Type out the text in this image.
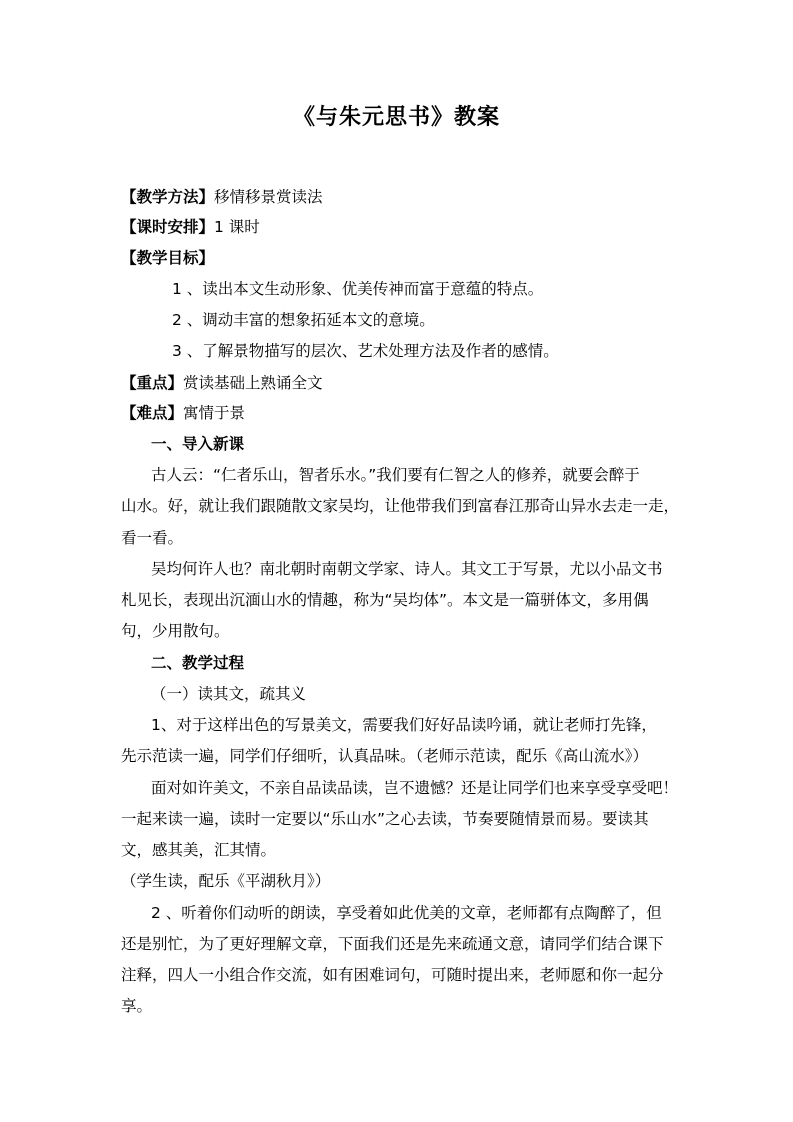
《与朱元思书》教案
【教学方法】移情移景赏读法
【课时安排】1 课时
【教学目标】
1 、读出本文生动形象、优美传神而富于意蕴的特点。
2 、调动丰富的想象拓延本文的意境。
3 、了解景物描写的层次、艺术处理方法及作者的感情。
【重点】赏读基础上熟诵全文
【难点】寓情于景
一、导入新课
古人云：“仁者乐山，智者乐水。”我们要有仁智之人的修养，就要会醉于
山水。好，就让我们跟随散文家吴均，让他带我们到富春江那奇山异水去走一走，
看一看。
吴均何许人也？南北朝时南朝文学家、诗人。其文工于写景，尤以小品文书
札见长，表现出沉湎山水的情趣，称为“吴均体”。本文是一篇骈体文，多用偶
句，少用散句。
二、教学过程
（一）读其文，疏其义
1、对于这样出色的写景美文，需要我们好好品读吟诵，就让老师打先锋，
先示范读一遍，同学们仔细听，认真品味。（老师示范读，配乐《高山流水》）
面对如许美文，不亲自品读品读，岂不遗憾？还是让同学们也来享受享受吧！
一起来读一遍，读时一定要以“乐山水”之心去读，节奏要随情景而易。要读其
文，感其美，汇其情。
（学生读，配乐《平湖秋月》）
2 、听着你们动听的朗读，享受着如此优美的文章，老师都有点陶醉了，但
还是别忙，为了更好理解文章，下面我们还是先来疏通文意，请同学们结合课下
注释，四人一小组合作交流，如有困难词句，可随时提出来，老师愿和你一起分
享。
